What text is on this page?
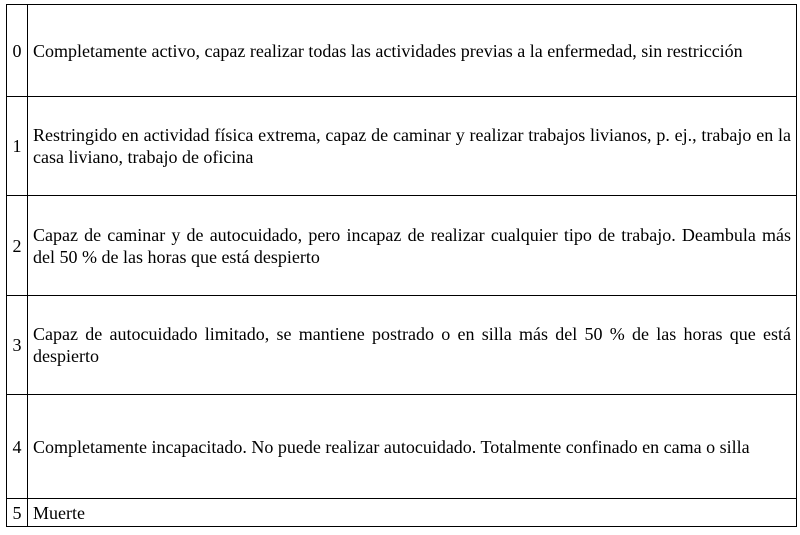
0	Completamente activo, capaz realizar todas las actividades previas a la enfermedad, sin restricción
1	Restringido en actividad física extrema, capaz de caminar y realizar trabajos livianos, p. ej., trabajo en la casa liviano, trabajo de oficina
2	Capaz de caminar y de autocuidado, pero incapaz de realizar cualquier tipo de trabajo. Deambula más del 50 % de las horas que está despierto
3	Capaz de autocuidado limitado, se mantiene postrado o en silla más del 50 % de las horas que está despierto
4	Completamente incapacitado. No puede realizar autocuidado. Totalmente confinado en cama o silla
5	Muerte
